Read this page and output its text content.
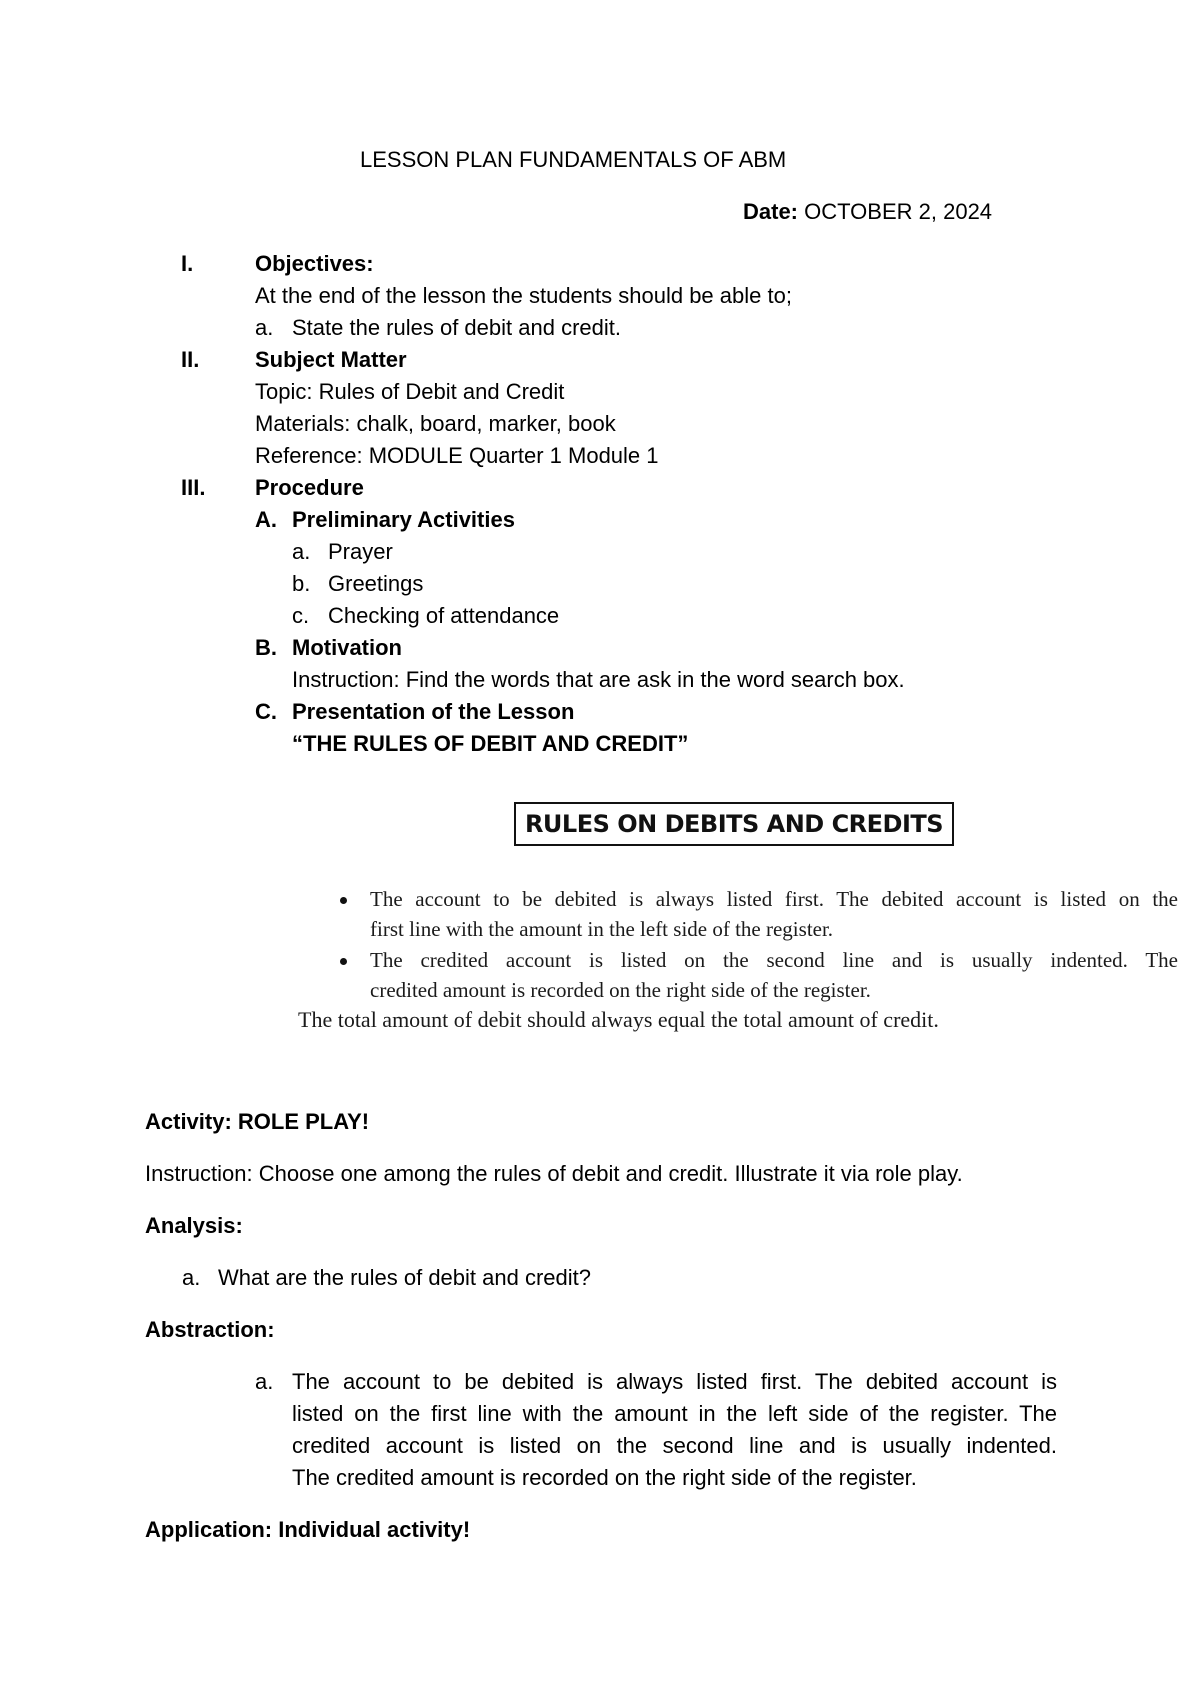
LESSON PLAN FUNDAMENTALS OF ABM
Date: OCTOBER 2, 2024
I.	Objectives:
At the end of the lesson the students should be able to;
a. State the rules of debit and credit.
II.	Subject Matter
Topic: Rules of Debit and Credit
Materials: chalk, board, marker, book
Reference: MODULE Quarter 1 Module 1
III. Procedure
A. Preliminary Activities
a. Prayer
b. Greetings
c. Checking of attendance
B. Motivation
Instruction: Find the words that are ask in the word search box.
C. Presentation of the Lesson
“THE RULES OF DEBIT AND CREDIT”
RULES ON DEBITS AND CREDITS
The account to be debited is always listed first. The debited account is listed on the
first line with the amount in the left side of the register.
The credited account is listed on the second line and is usually indented. The
credited amount is recorded on the right side of the register.
The total amount of debit should always equal the total amount of credit.
Activity: ROLE PLAY!
Instruction: Choose one among the rules of debit and credit. Illustrate it via role play.
Analysis:
a. What are the rules of debit and credit?
Abstraction:
a. The account to be debited is always listed first. The debited account is
listed on the first line with the amount in the left side of the register. The
credited account is listed on the second line and is usually indented.
The credited amount is recorded on the right side of the register.
Application: Individual activity!
